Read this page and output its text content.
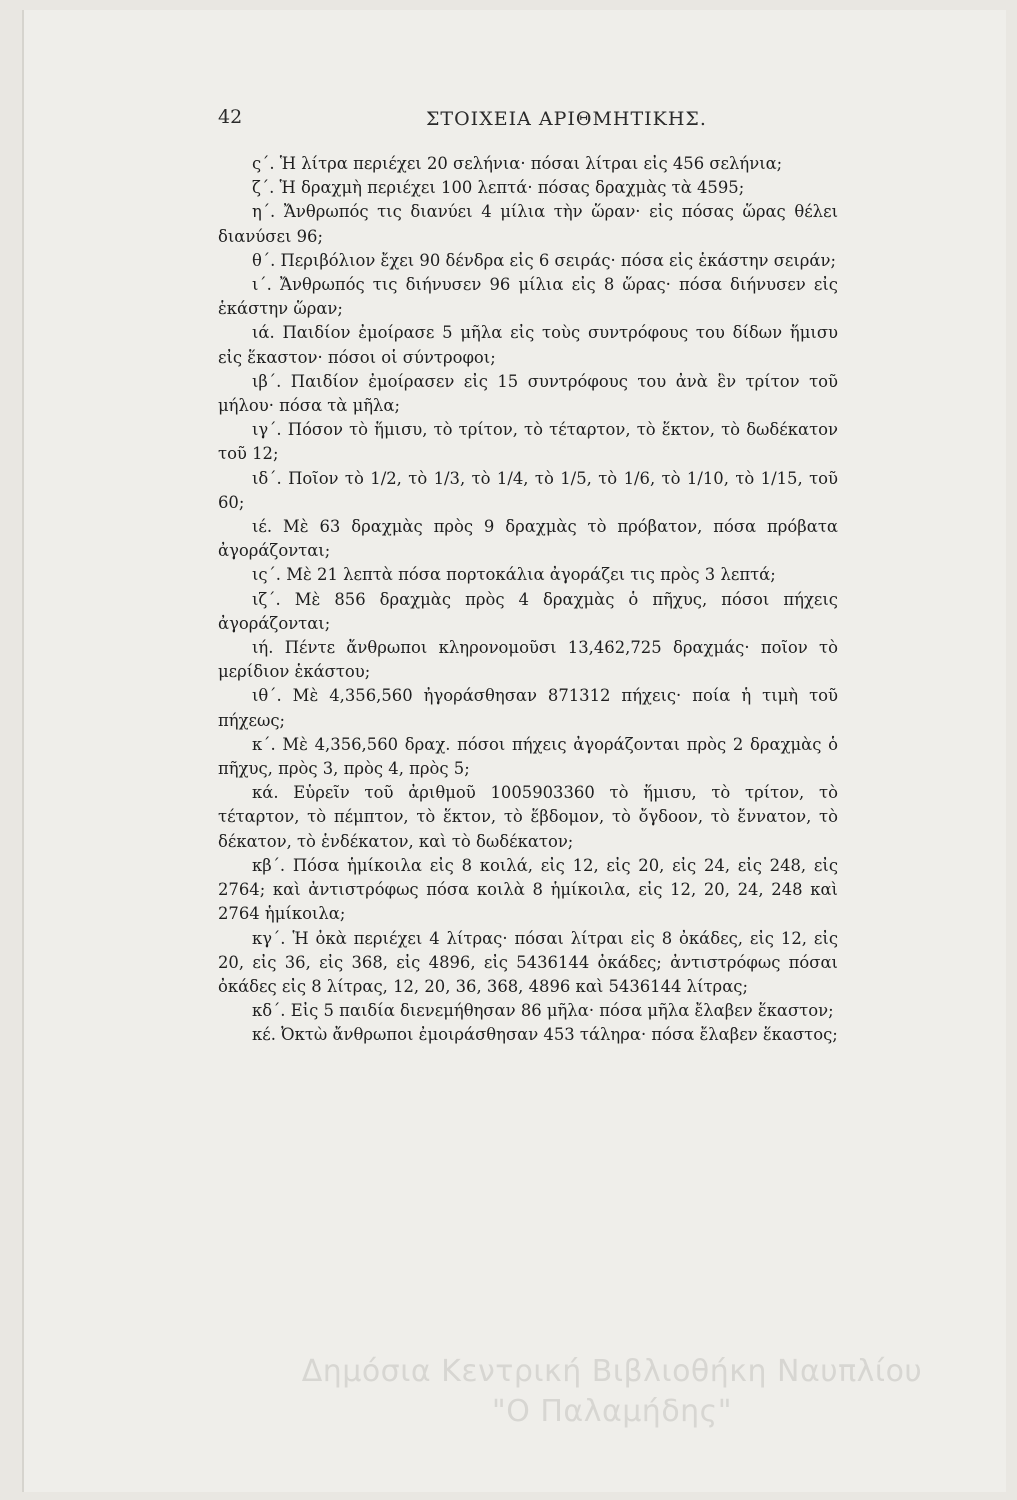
42	ΣΤΟΙΧΕΙΑ ΑΡΙΘΜΗΤΙΚΗΣ.

ς΄. Ἡ λίτρα περιέχει 20 σελήνια· πόσαι λίτραι εἰς 456 σελήνια;

ζ΄. Ἡ δραχμὴ περιέχει 100 λεπτά· πόσας δραχμὰς τὰ 4595;

η΄. Ἄνθρωπός τις διανύει 4 μίλια τὴν ὥραν· εἰς πόσας ὥρας θέλει διανύσει 96;

θ΄. Περιβόλιον ἔχει 90 δένδρα εἰς 6 σειράς· πόσα εἰς ἑκάστην σειράν;

ι΄. Ἄνθρωπός τις διήνυσεν 96 μίλια εἰς 8 ὥρας· πόσα διήνυσεν εἰς ἑκάστην ὥραν;

ιά. Παιδίον ἐμοίρασε 5 μῆλα εἰς τοὺς συντρόφους του δίδων ἥμισυ εἰς ἕκαστον· πόσοι οἱ σύντροφοι;

ιβ΄. Παιδίον ἐμοίρασεν εἰς 15 συντρόφους του ἀνὰ ἓν τρίτον τοῦ μήλου· πόσα τὰ μῆλα;

ιγ΄. Πόσον τὸ ἥμισυ, τὸ τρίτον, τὸ τέταρτον, τὸ ἕκτον, τὸ δωδέκατον τοῦ 12;

ιδ΄. Ποῖον τὸ 1/2, τὸ 1/3, τὸ 1/4, τὸ 1/5, τὸ 1/6, τὸ 1/10, τὸ 1/15, τοῦ 60;

ιέ. Μὲ 63 δραχμὰς πρὸς 9 δραχμὰς τὸ πρόβατον, πόσα πρόβατα ἀγοράζονται;

ις΄. Μὲ 21 λεπτὰ πόσα πορτοκάλια ἀγοράζει τις πρὸς 3 λεπτά;

ιζ΄. Μὲ 856 δραχμὰς πρὸς 4 δραχμὰς ὁ πῆχυς, πόσοι πήχεις ἀγοράζονται;

ιή. Πέντε ἄνθρωποι κληρονομοῦσι 13,462,725 δραχμάς· ποῖον τὸ μερίδιον ἑκάστου;

ιθ΄. Μὲ 4,356,560 ἠγοράσθησαν 871312 πήχεις· ποία ἡ τιμὴ τοῦ πήχεως;

κ΄. Μὲ 4,356,560 δραχ. πόσοι πήχεις ἀγοράζονται πρὸς 2 δραχμὰς ὁ πῆχυς, πρὸς 3, πρὸς 4, πρὸς 5;

κά. Εὑρεῖν τοῦ ἀριθμοῦ 1005903360 τὸ ἥμισυ, τὸ τρίτον, τὸ τέταρτον, τὸ πέμπτον, τὸ ἕκτον, τὸ ἕβδομον, τὸ ὄγδοον, τὸ ἔννατον, τὸ δέκατον, τὸ ἑνδέκατον, καὶ τὸ δωδέκατον;

κβ΄. Πόσα ἡμίκοιλα εἰς 8 κοιλά, εἰς 12, εἰς 20, εἰς 24, εἰς 248, εἰς 2764; καὶ ἀντιστρόφως πόσα κοιλὰ 8 ἡμίκοιλα, εἰς 12, 20, 24, 248 καὶ 2764 ἡμίκοιλα;

κγ΄. Ἡ ὀκὰ περιέχει 4 λίτρας· πόσαι λίτραι εἰς 8 ὀκάδες, εἰς 12, εἰς 20, εἰς 36, εἰς 368, εἰς 4896, εἰς 5436144 ὀκάδες; ἀντιστρόφως πόσαι ὀκάδες εἰς 8 λίτρας, 12, 20, 36, 368, 4896 καὶ 5436144 λίτρας;

κδ΄. Εἰς 5 παιδία διενεμήθησαν 86 μῆλα· πόσα μῆλα ἔλαβεν ἕκαστον;

κέ. Ὀκτὼ ἄνθρωποι ἐμοιράσθησαν 453 τάληρα· πόσα ἔλαβεν ἕκαστος;

Δημόσια Κεντρική Βιβλιοθήκη Ναυπλίου
"Ο Παλαμήδης"
